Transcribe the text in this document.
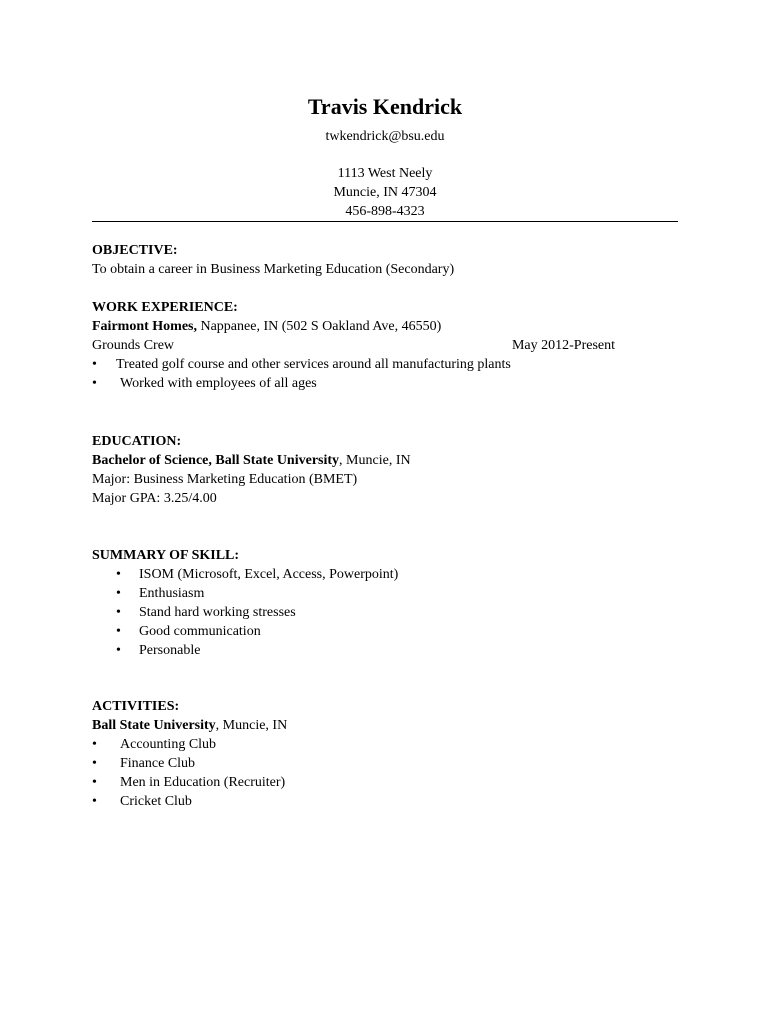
Travis Kendrick
twkendrick@bsu.edu
1113 West Neely
Muncie, IN 47304
456-898-4323
OBJECTIVE:
To obtain a career in Business Marketing Education (Secondary)
WORK EXPERIENCE:
Fairmont Homes, Nappanee, IN (502 S Oakland Ave, 46550)
Grounds Crew	May 2012-Present
• Treated golf course and other services around all manufacturing plants
• Worked with employees of all ages
EDUCATION:
Bachelor of Science, Ball State University, Muncie, IN
Major: Business Marketing Education (BMET)
Major GPA: 3.25/4.00
SUMMARY OF SKILL:
• ISOM (Microsoft, Excel, Access, Powerpoint)
• Enthusiasm
• Stand hard working stresses
• Good communication
• Personable
ACTIVITIES:
Ball State University, Muncie, IN
• Accounting Club
• Finance Club
• Men in Education (Recruiter)
• Cricket Club
